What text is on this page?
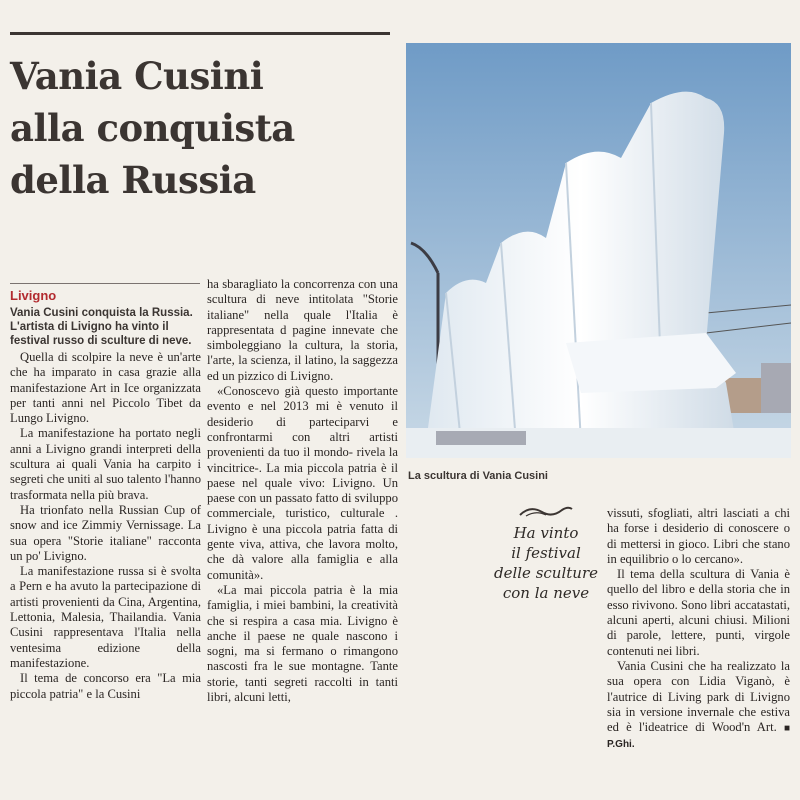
Vania Cusini
alla conquista
della Russia
Livigno
Vania Cusini conquista la Russia. L'artista di Livigno ha vinto il festival russo di sculture di neve.

Quella di scolpire la neve è un'arte che ha imparato in casa grazie alla manifestazione Art in Ice organizzata per tanti anni nel Piccolo Tibet da Lungo Livigno.

La manifestazione ha portato negli anni a Livigno grandi interpreti della scultura ai quali Vania ha carpito i segreti che uniti al suo talento l'hanno trasformata nella più brava.

Ha trionfato nella Russian Cup of snow and ice Zimmiy Vernissage. La sua opera "Storie italiane" racconta un po' Livigno.

La manifestazione russa si è svolta a Pern e ha avuto la partecipazione di artisti provenienti da Cina, Argentina, Lettonia, Malesia, Thailandia. Vania Cusini rappresentava l'Italia nella ventesima edizione della manifestazione.

Il tema de concorso era "La mia piccola patria" e la Cusini

ha sbaragliato la concorrenza con una scultura di neve intitolata "Storie italiane" nella quale l'Italia è rappresentata d pagine innevate che simboleggiano la cultura, la storia, l'arte, la scienza, il latino, la saggezza ed un pizzico di Livigno.

«Conoscevo già questo importante evento e nel 2013 mi è venuto il desiderio di parteciparvi e confrontarmi con altri artisti provenienti da tuo il mondo- rivela la vincitrice-. La mia piccola patria è il paese nel quale vivo: Livigno. Un paese con un passato fatto di sviluppo commerciale, turistico, culturale . Livigno è una piccola patria fatta di gente viva, attiva, che lavora molto, che dà valore alla famiglia e alla comunità».

«La mai piccola patria è la mia famiglia, i miei bambini, la creatività che si respira a casa mia. Livigno è anche il paese ne quale nascono i sogni, ma si fermano o rimangono nascosti fra le sue montagne. Tante storie, tanti segreti raccolti in tanti libri, alcuni letti,

La scultura di Vania Cusini
Ha vinto
il festival
delle sculture
con la neve

vissuti, sfogliati, altri lasciati a chi ha forse i desiderio di conoscere o di mettersi in gioco. Libri che stano in equilibrio o lo cercano».

Il tema della scultura di Vania è quello del libro e della storia che in esso rivivono. Sono libri accatastati, alcuni aperti, alcuni chiusi. Milioni di parole, lettere, punti, virgole contenuti nei libri.

Vania Cusini che ha realizzato la sua opera con Lidia Viganò, è l'autrice di Living park di Livigno sia in versione invernale che estiva ed è l'ideatrice di Wood'n Art. ■ P.Ghi.
